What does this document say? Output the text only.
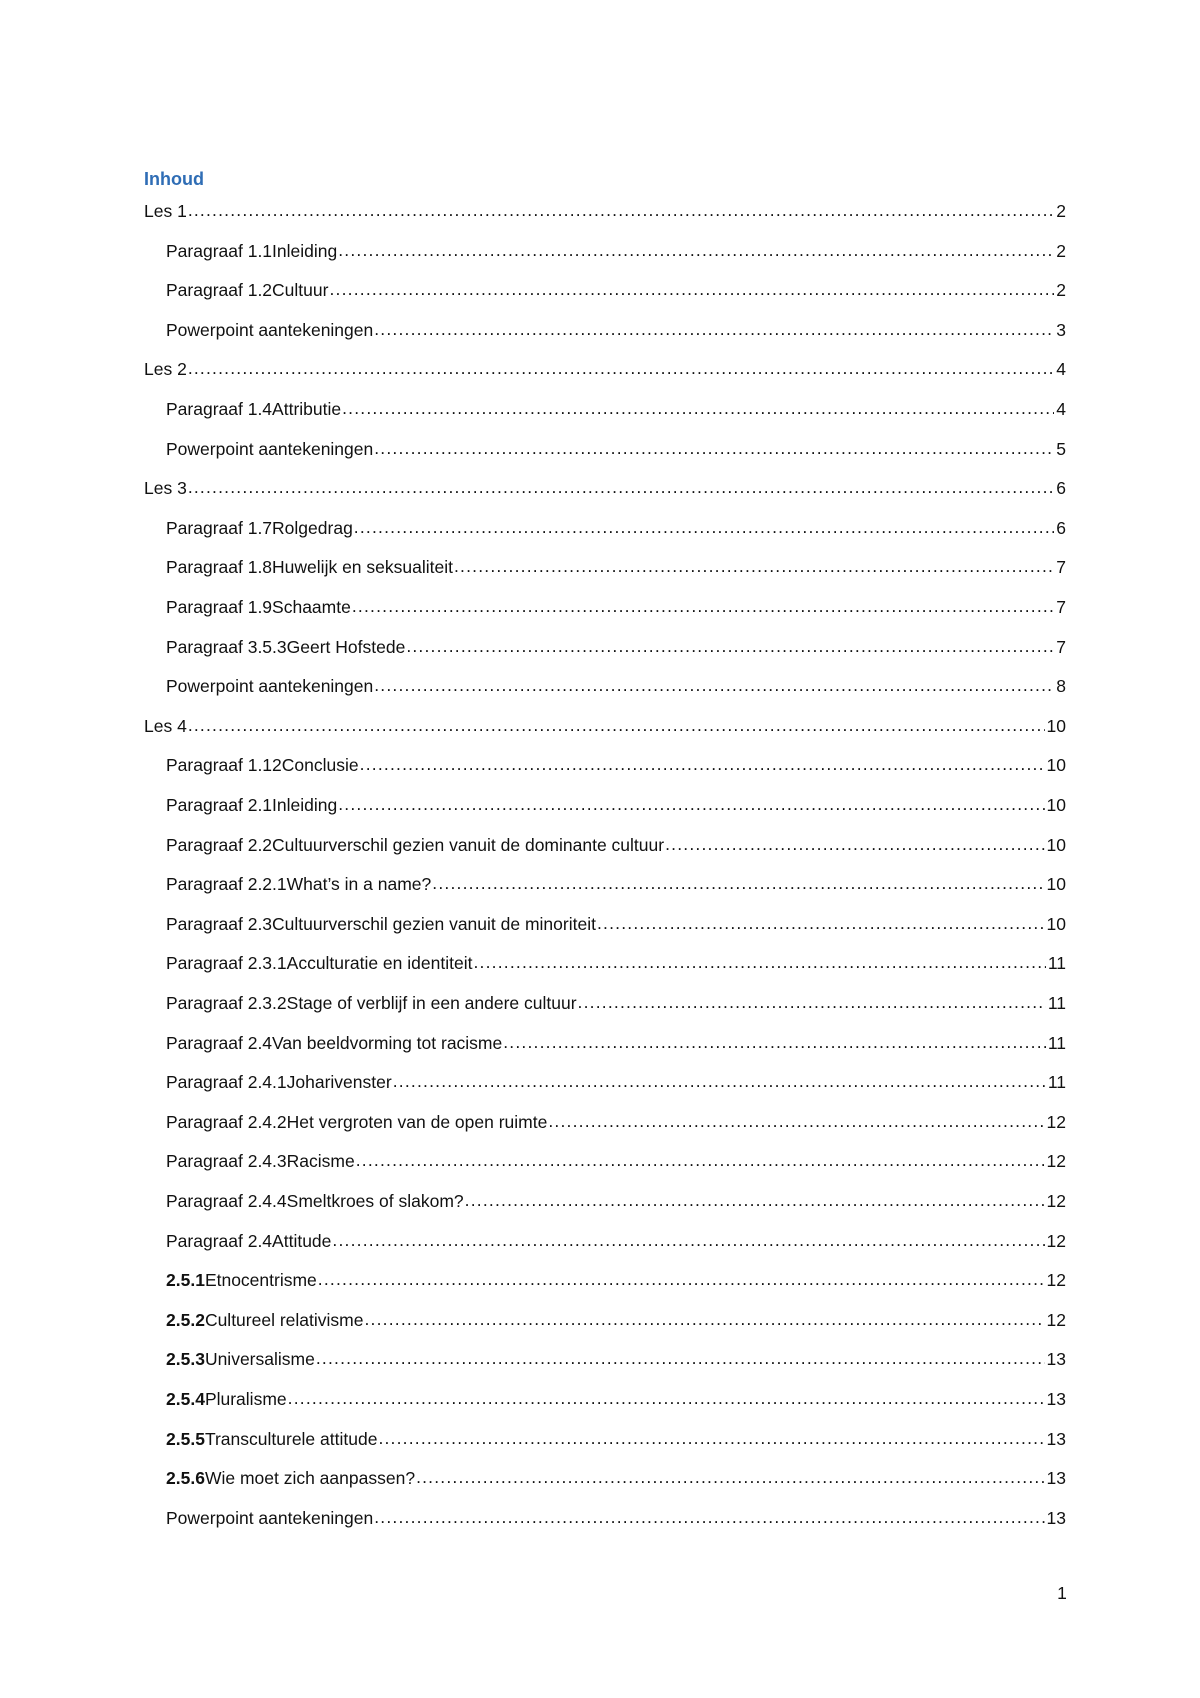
Inhoud
Les 1 .....	2
Paragraaf 1.1 Inleiding .....	2
Paragraaf 1.2 Cultuur .....	2
Powerpoint aantekeningen .....	3
Les 2 .....	4
Paragraaf 1.4 Attributie .....	4
Powerpoint aantekeningen .....	5
Les 3 .....	6
Paragraaf 1.7 Rolgedrag .....	6
Paragraaf 1.8 Huwelijk en seksualiteit .....	7
Paragraaf 1.9 Schaamte .....	7
Paragraaf 3.5.3 Geert Hofstede .....	7
Powerpoint aantekeningen .....	8
Les 4 .....	10
Paragraaf 1.12 Conclusie .....	10
Paragraaf 2.1 Inleiding .....	10
Paragraaf 2.2 Cultuurverschil gezien vanuit de dominante cultuur .....	10
Paragraaf 2.2.1 What’s in a name? .....	10
Paragraaf 2.3 Cultuurverschil gezien vanuit de minoriteit .....	10
Paragraaf 2.3.1 Acculturatie en identiteit .....	11
Paragraaf 2.3.2 Stage of verblijf in een andere cultuur .....	11
Paragraaf 2.4 Van beeldvorming tot racisme .....	11
Paragraaf 2.4.1 Joharivenster .....	11
Paragraaf 2.4.2 Het vergroten van de open ruimte .....	12
Paragraaf 2.4.3 Racisme .....	12
Paragraaf 2.4.4 Smeltkroes of slakom? .....	12
Paragraaf 2.4 Attitude .....	12
2.5.1 Etnocentrisme .....	12
2.5.2 Cultureel relativisme .....	12
2.5.3 Universalisme .....	13
2.5.4 Pluralisme .....	13
2.5.5 Transculturele attitude .....	13
2.5.6 Wie moet zich aanpassen? .....	13
Powerpoint aantekeningen .....	13
1
